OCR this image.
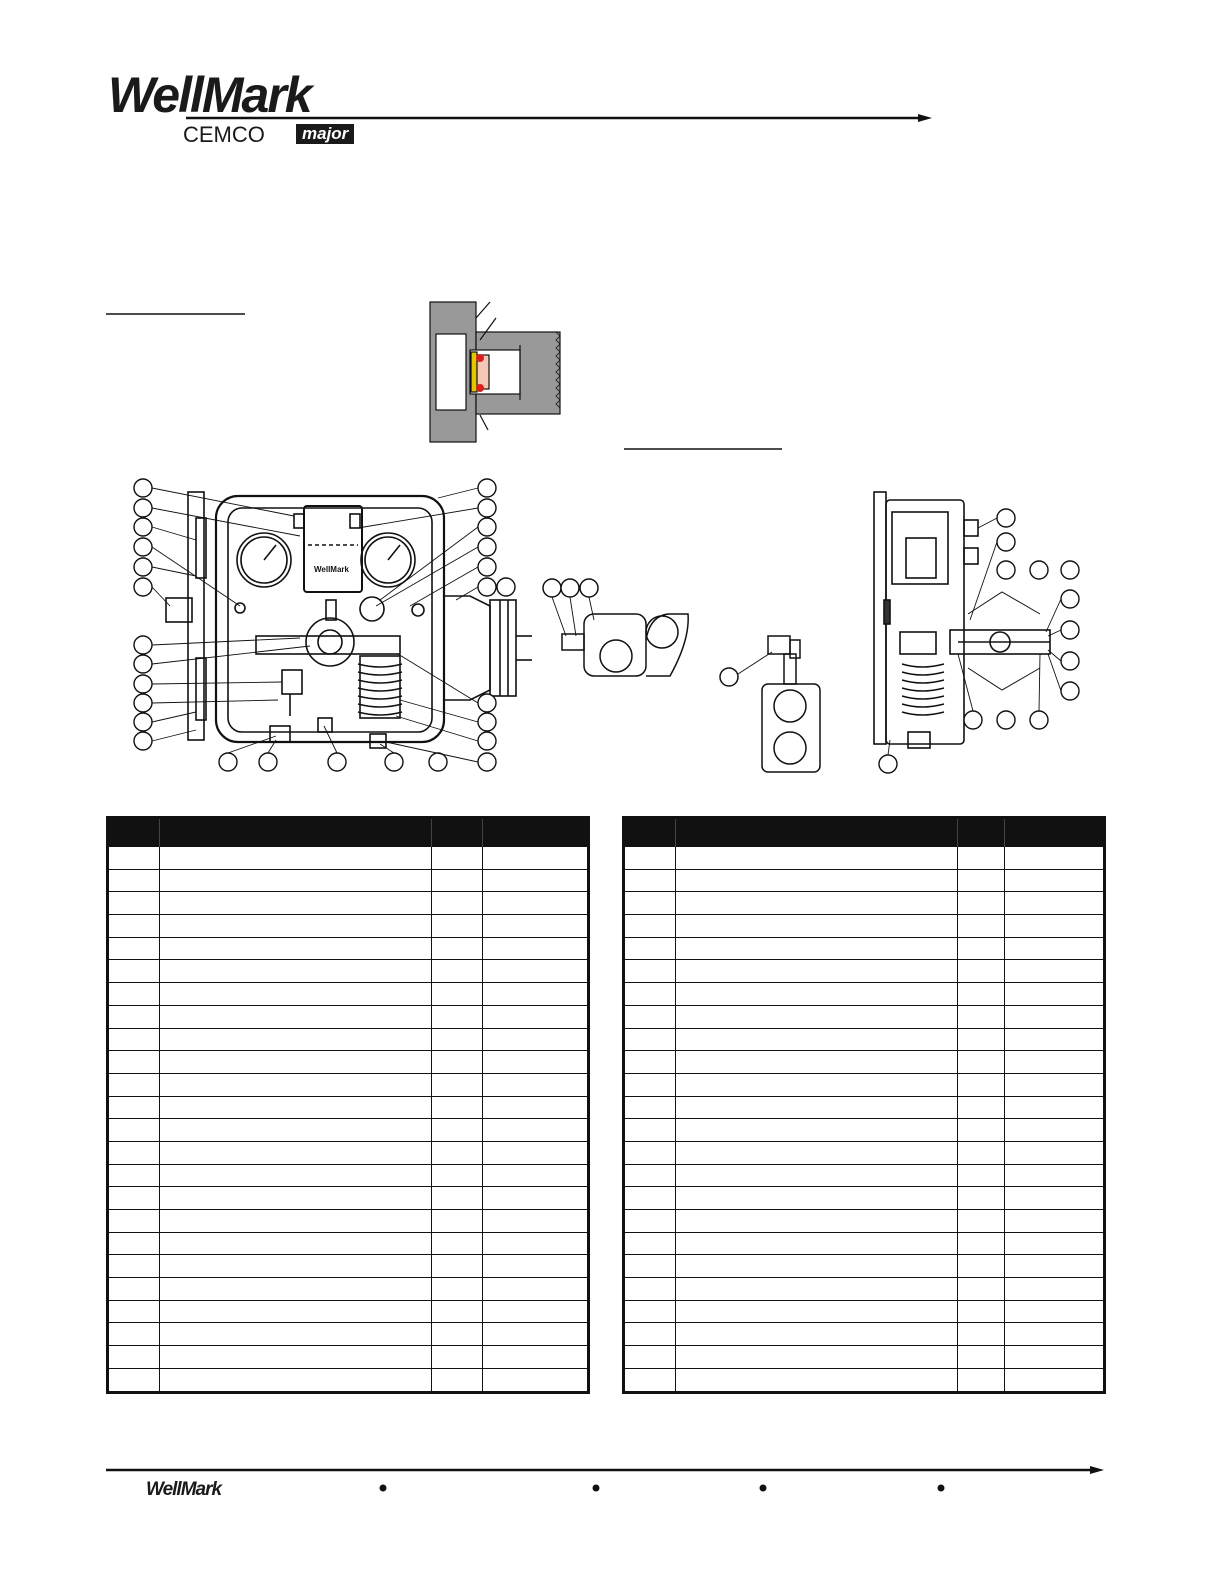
WellMark
CEMCO	major
WellMark

WellMark
